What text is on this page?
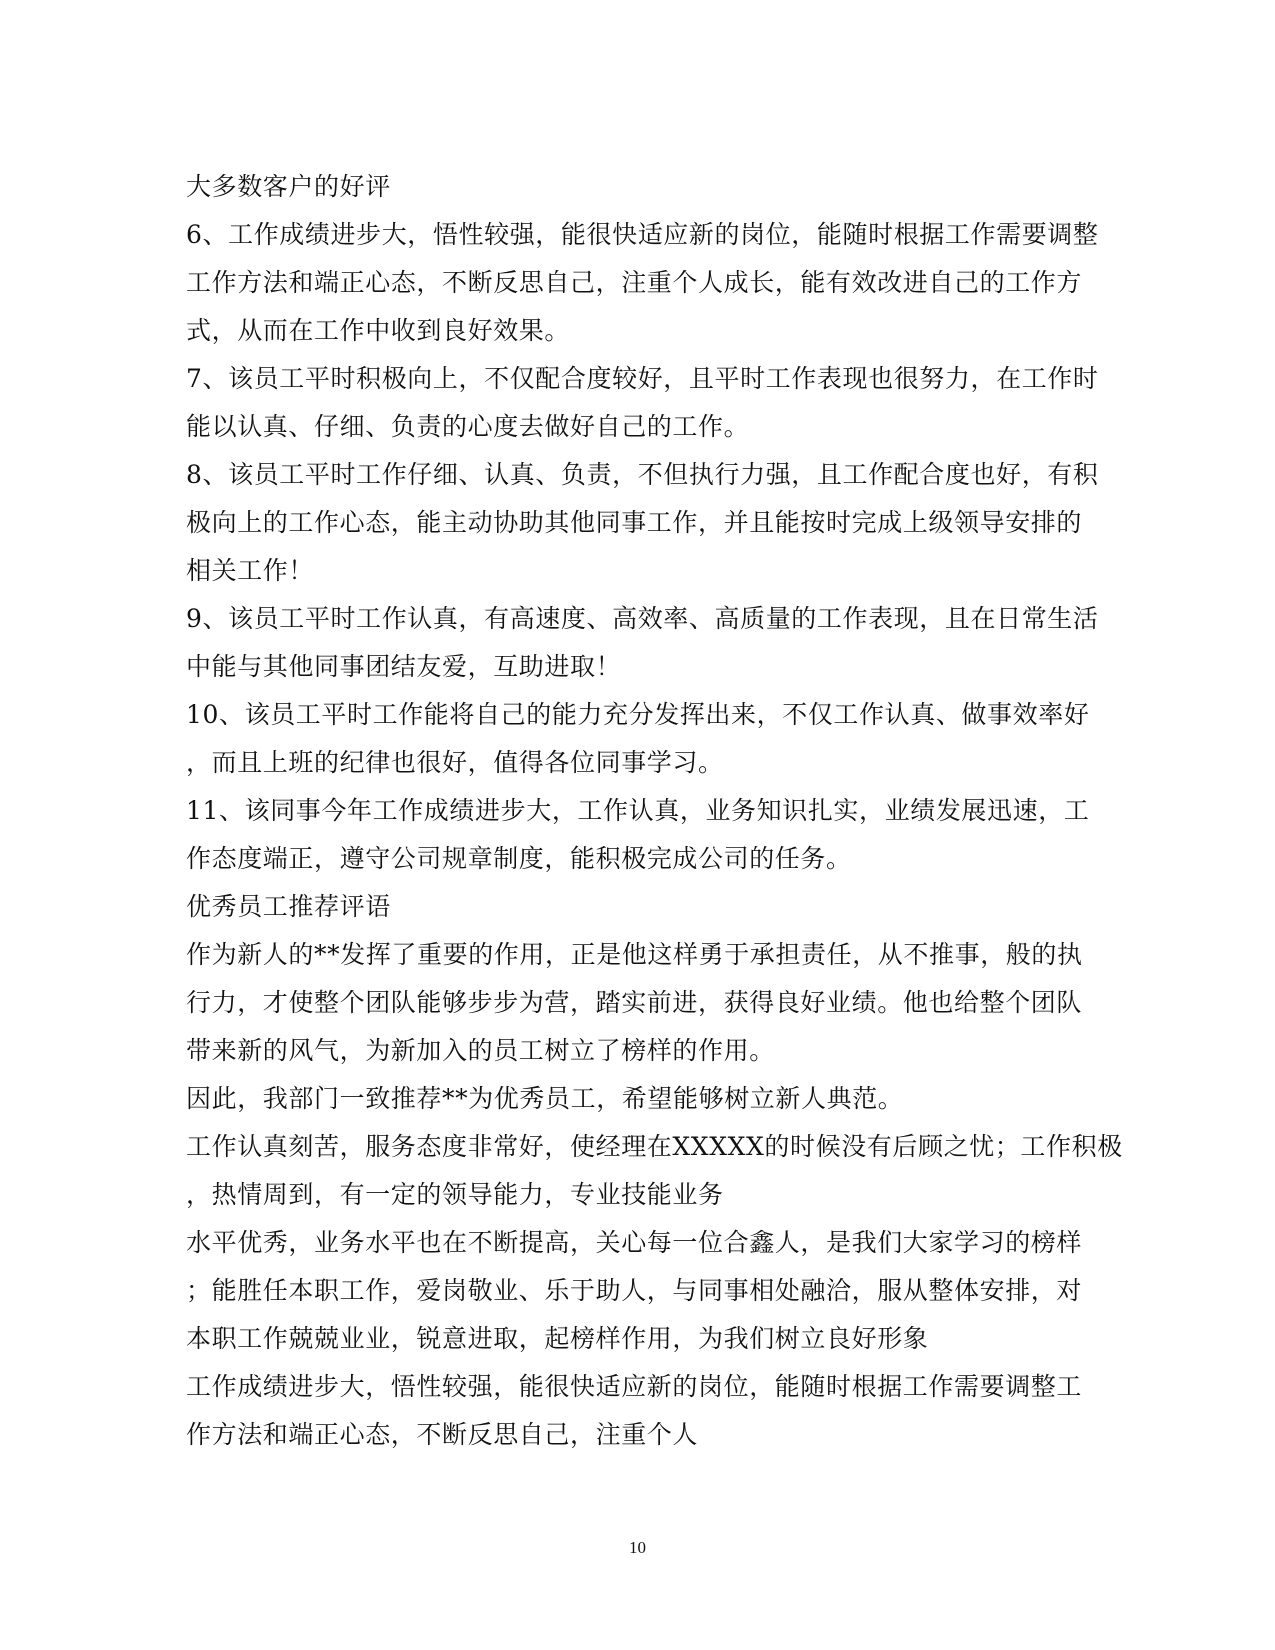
大多数客户的好评
6、工作成绩进步大，悟性较强，能很快适应新的岗位，能随时根据工作需要调整
工作方法和端正心态，不断反思自己，注重个人成长，能有效改进自己的工作方
式，从而在工作中收到良好效果。
7、该员工平时积极向上，不仅配合度较好，且平时工作表现也很努力，在工作时
能以认真、仔细、负责的心度去做好自己的工作。
8、该员工平时工作仔细、认真、负责，不但执行力强，且工作配合度也好，有积
极向上的工作心态，能主动协助其他同事工作，并且能按时完成上级领导安排的
相关工作！
9、该员工平时工作认真，有高速度、高效率、高质量的工作表现，且在日常生活
中能与其他同事团结友爱，互助进取！
10、该员工平时工作能将自己的能力充分发挥出来，不仅工作认真、做事效率好
，而且上班的纪律也很好，值得各位同事学习。
11、该同事今年工作成绩进步大，工作认真，业务知识扎实，业绩发展迅速，工
作态度端正，遵守公司规章制度，能积极完成公司的任务。
优秀员工推荐评语
作为新人的**发挥了重要的作用，正是他这样勇于承担责任，从不推事，般的执
行力，才使整个团队能够步步为营，踏实前进，获得良好业绩。他也给整个团队
带来新的风气，为新加入的员工树立了榜样的作用。
因此，我部门一致推荐**为优秀员工，希望能够树立新人典范。
工作认真刻苦，服务态度非常好，使经理在XXXXX的时候没有后顾之忧；工作积极
，热情周到，有一定的领导能力，专业技能业务
水平优秀，业务水平也在不断提高，关心每一位合鑫人，是我们大家学习的榜样
；能胜任本职工作，爱岗敬业、乐于助人，与同事相处融洽，服从整体安排，对
本职工作兢兢业业，锐意进取，起榜样作用，为我们树立良好形象
工作成绩进步大，悟性较强，能很快适应新的岗位，能随时根据工作需要调整工
作方法和端正心态，不断反思自己，注重个人
10
